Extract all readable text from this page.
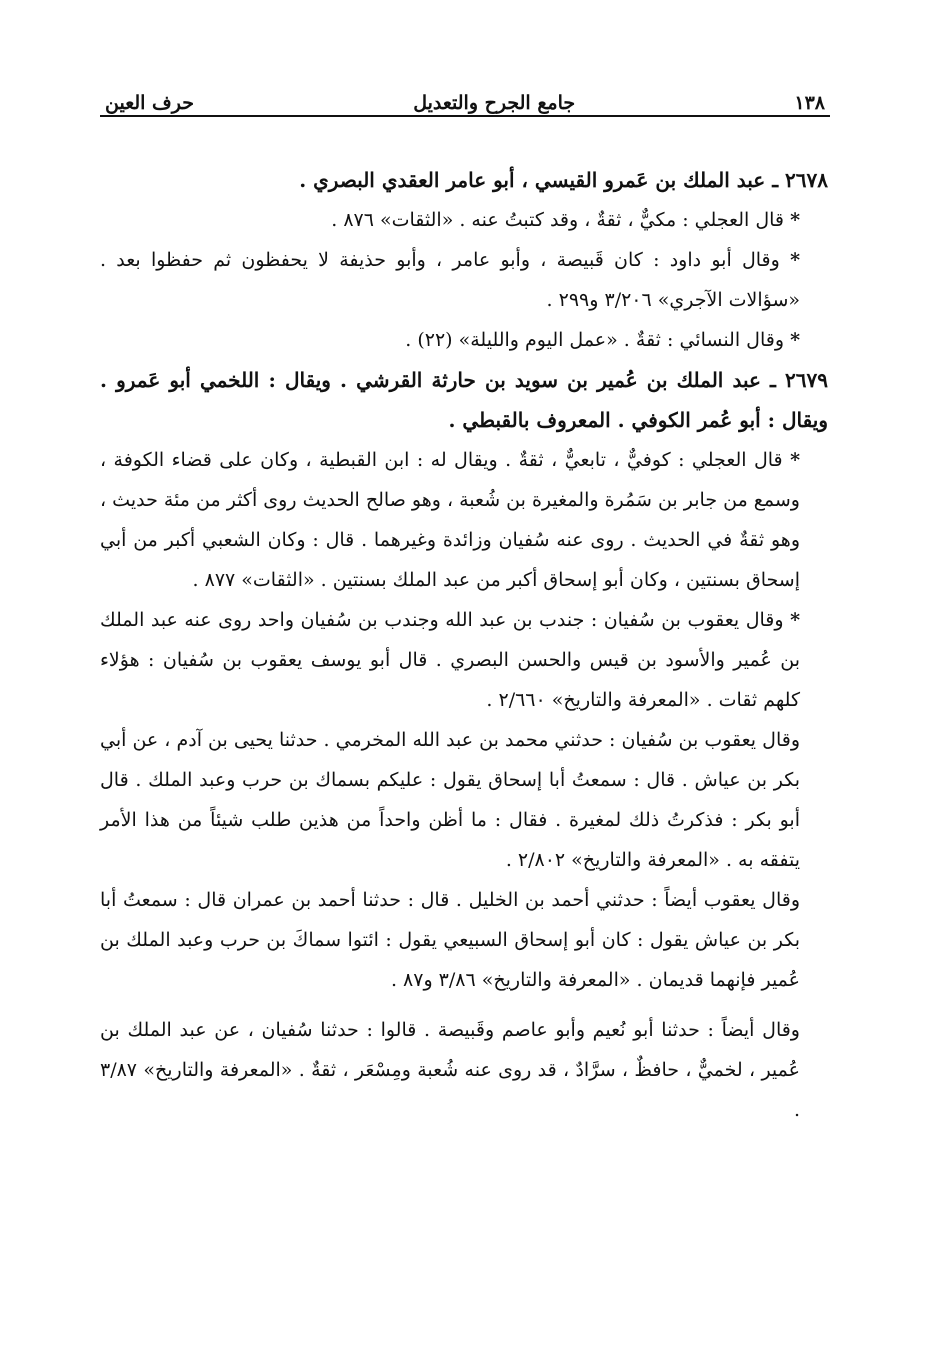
١٣٨
جامع الجرح والتعديل
حرف العين

٢٦٧٨ ـ عبد الملك بن عَمرو القيسي ، أبو عامر العقدي البصري .

* قال العجلي : مكيٌّ ، ثقةٌ ، وقد كتبتُ عنه . «الثقات» ٨٧٦ .

* وقال أبو داود : كان قَبيصة ، وأبو عامر ، وأبو حذيفة لا يحفظون ثم حفظوا بعد . «سؤالات الآجري» ٣/٢٠٦ و٢٩٩ .

* وقال النسائي : ثقةٌ . «عمل اليوم والليلة» (٢٢) .

٢٦٧٩ ـ عبد الملك بن عُمير بن سويد بن حارثة القرشي . ويقال : اللخمي أبو عَمرو . ويقال : أبو عُمر الكوفي . المعروف بالقبطي .

* قال العجلي : كوفيٌّ ، تابعيٌّ ، ثقةٌ . ويقال له : ابن القبطية ، وكان على قضاء الكوفة ، وسمع من جابر بن سَمُرة والمغيرة بن شُعبة ، وهو صالح الحديث روى أكثر من مئة حديث ، وهو ثقةٌ في الحديث . روى عنه سُفيان وزائدة وغيرهما . قال : وكان الشعبي أكبر من أبي إسحاق بسنتين ، وكان أبو إسحاق أكبر من عبد الملك بسنتين . «الثقات» ٨٧٧ .

* وقال يعقوب بن سُفيان : جندب بن عبد الله وجندب بن سُفيان واحد روى عنه عبد الملك بن عُمير والأسود بن قيس والحسن البصري . قال أبو يوسف يعقوب بن سُفيان : هؤلاء كلهم ثقات . «المعرفة والتاريخ» ٢/٦٦٠ .

وقال يعقوب بن سُفيان : حدثني محمد بن عبد الله المخرمي . حدثنا يحيى بن آدم ، عن أبي بكر بن عياش . قال : سمعتُ أبا إسحاق يقول : عليكم بسماك بن حرب وعبد الملك . قال أبو بكر : فذكرتُ ذلك لمغيرة . فقال : ما أظن واحداً من هذين طلب شيئاً من هذا الأمر يتفقه به . «المعرفة والتاريخ» ٢/٨٠٢ .

وقال يعقوب أيضاً : حدثني أحمد بن الخليل . قال : حدثنا أحمد بن عمران قال : سمعتُ أبا بكر بن عياش يقول : كان أبو إسحاق السبيعي يقول : ائتوا سماكَ بن حرب وعبد الملك بن عُمير فإنهما قديمان . «المعرفة والتاريخ» ٣/٨٦ و٨٧ .

وقال أيضاً : حدثنا أبو نُعيم وأبو عاصم وقَبيصة . قالوا : حدثنا سُفيان ، عن عبد الملك بن عُمير ، لخميٌّ ، حافظٌ ، سرَّادٌ ، قد روى عنه شُعبة ومِسْعَر ، ثقةٌ . «المعرفة والتاريخ» ٣/٨٧ .
